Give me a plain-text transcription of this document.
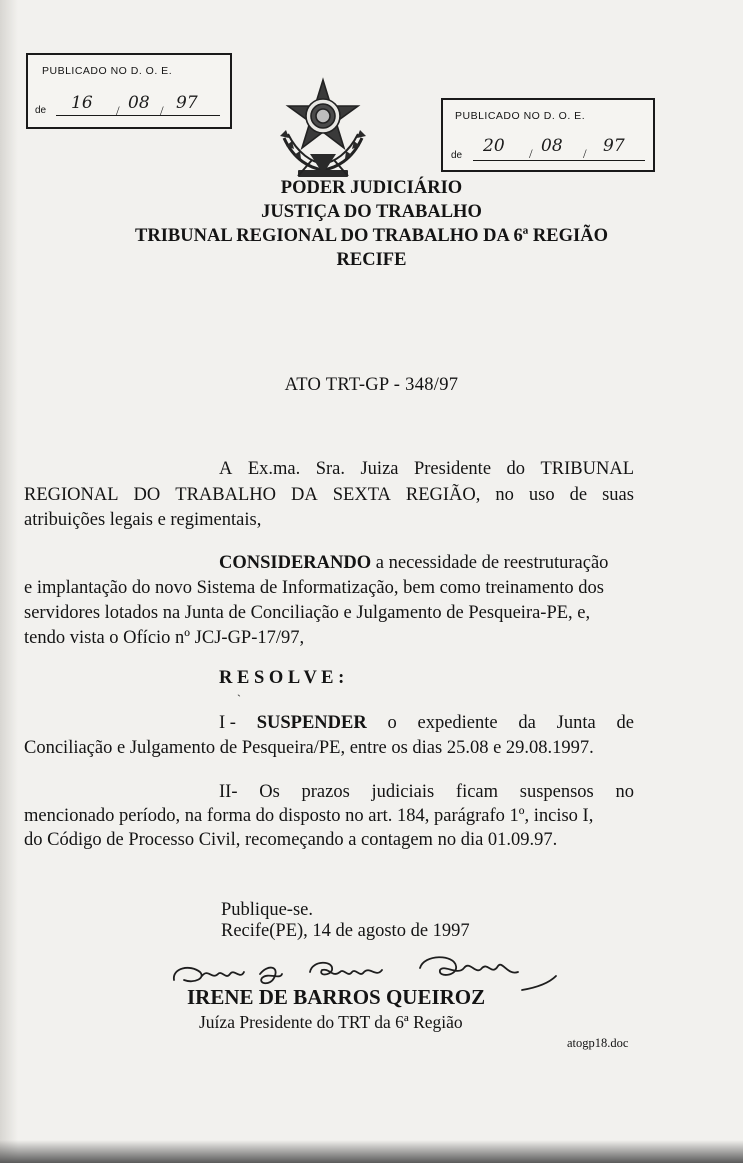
PUBLICADO NO D. O. E.
de 16 / 08 / 97
PUBLICADO NO D. O. E.
de 20 / 08 / 97
PODER JUDICIÁRIO
JUSTIÇA DO TRABALHO
TRIBUNAL REGIONAL DO TRABALHO DA 6ª REGIÃO
RECIFE
ATO TRT-GP - 348/97
A Ex.ma. Sra. Juiza Presidente do TRIBUNAL
REGIONAL DO TRABALHO DA SEXTA REGIÃO, no uso de suas
atribuições legais e regimentais,
CONSIDERANDO a necessidade de reestruturação
e implantação do novo Sistema de Informatização, bem como treinamento dos
servidores lotados na Junta de Conciliação e Julgamento de Pesqueira-PE, e,
tendo vista o Ofício nº JCJ-GP-17/97,
R E S O L V E :
`
I - SUSPENDER o expediente da Junta de
Conciliação e Julgamento de Pesqueira/PE, entre os dias 25.08 e 29.08.1997.
II- Os prazos judiciais ficam suspensos no
mencionado período, na forma do disposto no art. 184, parágrafo 1º, inciso I,
do Código de Processo Civil, recomeçando a contagem no dia 01.09.97.
Publique-se.
Recife(PE), 14 de agosto de 1997
IRENE DE BARROS QUEIROZ
Juíza Presidente do TRT da 6ª Região
atogp18.doc
